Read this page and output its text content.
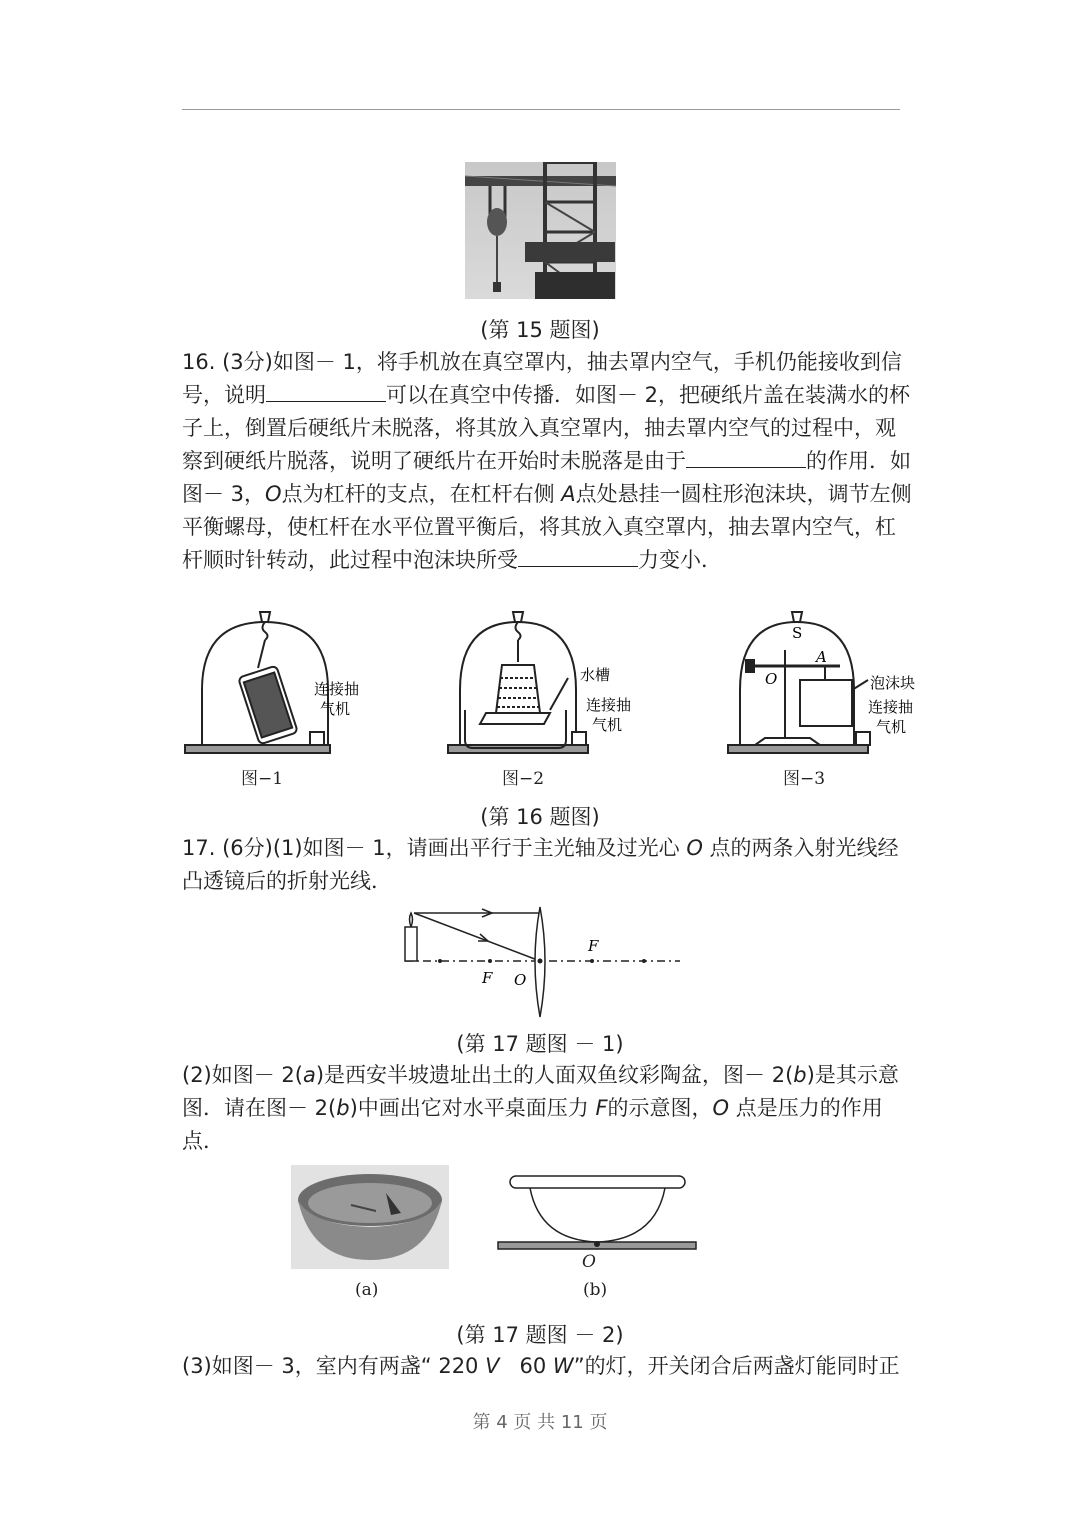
(第 15 题图)
16. (3分)如图－ 1，将手机放在真空罩内，抽去罩内空气，手机仍能接收到信号，说明	可以在真空中传播．如图－ 2，把硬纸片盖在装满水的杯子上，倒置后硬纸片未脱落，将其放入真空罩内，抽去罩内空气的过程中，观察到硬纸片脱落，说明了硬纸片在开始时未脱落是由于	的作用．如图－ 3，O点为杠杆的支点，在杠杆右侧 A点处悬挂一圆柱形泡沫块，调节左侧平衡螺母，使杠杆在水平位置平衡后，将其放入真空罩内，抽去罩内空气，杠杆顺时针转动，此过程中泡沫块所受	力变小．
连接抽
气机
水槽
连接抽
气机
S
O
A
泡沫块
连接抽
气机
图−1	图−2	图−3
(第 16 题图)
17. (6分)(1)如图－ 1，请画出平行于主光轴及过光心 O 点的两条入射光线经凸透镜后的折射光线．
F O
F
(第 17 题图 － 1)
(2)如图－ 2(a)是西安半坡遗址出土的人面双鱼纹彩陶盆，图－ 2(b)是其示意图．请在图－ 2(b)中画出它对水平桌面压力 F的示意图，O 点是压力的作用点．
(a)
O
(b)
(第 17 题图 － 2)
(3)如图－ 3，室内有两盏“ 220 V   60 W”的灯，开关闭合后两盏灯能同时正
第 4 页 共 11 页
